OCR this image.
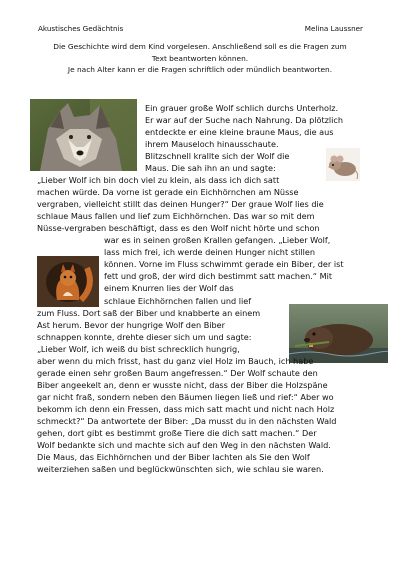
Akustisches Gedächtnis	Melina Laussner
Die Geschichte wird dem Kind vorgelesen. Anschließend soll es die Fragen zum
Text beantworten können.
Je nach Alter kann er die Fragen schriftlich oder mündlich beantworten.
Ein grauer große Wolf schlich durchs Unterholz.
Er war auf der Suche nach Nahrung. Da plötzlich
entdeckte er eine kleine braune Maus, die aus
ihrem Mauseloch hinausschaute.
Blitzschnell krallte sich der Wolf die
Maus. Die sah ihn an und sagte:
„Lieber Wolf ich bin doch viel zu klein, als dass ich dich satt
machen würde. Da vorne ist gerade ein Eichhörnchen am Nüsse
vergraben, vielleicht stillt das deinen Hunger?“ Der graue Wolf lies die
schlaue Maus fallen und lief zum Eichhörnchen. Das war so mit dem
Nüsse-vergraben beschäftigt, dass es den Wolf nicht hörte und schon
war es in seinen großen Krallen gefangen. „Lieber Wolf,
lass mich frei, ich werde deinen Hunger nicht stillen
können. Vorne im Fluss schwimmt gerade ein Biber, der ist
fett und groß, der wird dich bestimmt satt machen.“ Mit
einem Knurren lies der Wolf das
schlaue Eichhörnchen fallen und lief
zum Fluss. Dort saß der Biber und knabberte an einem
Ast herum. Bevor der hungrige Wolf den Biber
schnappen konnte, drehte dieser sich um und sagte:
„Lieber Wolf, ich weiß du bist schrecklich hungrig,
aber wenn du mich frisst, hast du ganz viel Holz im Bauch, ich habe
gerade einen sehr großen Baum angefressen.“ Der Wolf schaute den
Biber angeekelt an, denn er wusste nicht, dass der Biber die Holzspäne
gar nicht fraß, sondern neben den Bäumen liegen ließ und rief:“ Aber wo
bekomm ich denn ein Fressen, dass mich satt macht und nicht nach Holz
schmeckt?“ Da antwortete der Biber: „Da musst du in den nächsten Wald
gehen, dort gibt es bestimmt große Tiere die dich satt machen.“ Der
Wolf bedankte sich und machte sich auf den Weg in den nächsten Wald.
Die Maus, das Eichhörnchen und der Biber lachten als Sie den Wolf
weiterziehen saßen und beglückwünschten sich, wie schlau sie waren.
